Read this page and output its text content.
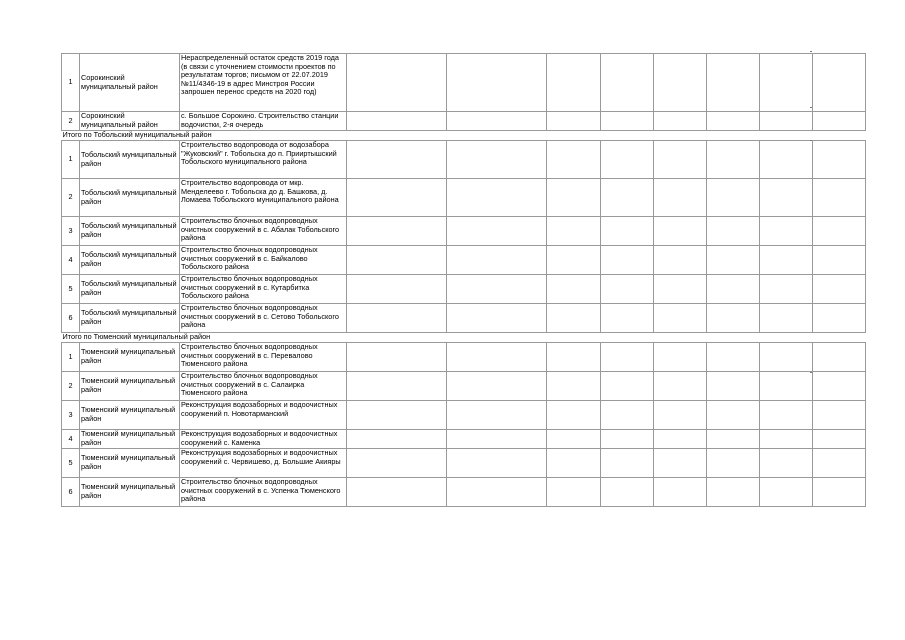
1	Сорокинский муниципальный район	Нераспределенный остаток средств 2019 года (в связи с уточнением стоимости проектов по результатам торгов; письмом от 22.07.2019 №11/4346-19 в адрес Минстроя России запрошен перенос средств на 2020 год)								
2	Сорокинский муниципальный район	с. Большое Сорокино. Строительство станции водочистки, 2-я очередь								
Итого по Тобольский муниципальный район										
1	Тобольский муниципальный район	Строительство водопровода от водозабора "Жуковский" г. Тобольска до п. Прииртышский Тобольского муниципального района								
2	Тобольский муниципальный район	Строительство водопровода от мкр. Менделеево г. Тобольска до д. Башкова, д. Ломаева Тобольского муниципального района								
3	Тобольский муниципальный район	Строительство блочных водопроводных очистных сооружений в с. Абалак Тобольского района								
4	Тобольский муниципальный район	Строительство блочных водопроводных очистных сооружений в с. Байкалово Тобольского района								
5	Тобольский муниципальный район	Строительство блочных водопроводных очистных сооружений в с. Кутарбитка Тобольского района								
6	Тобольский муниципальный район	Строительство блочных водопроводных очистных сооружений в с. Сетово Тобольского района								
Итого по Тюменский муниципальный район										
1	Тюменский муниципальный район	Строительство блочных водопроводных очистных сооружений в с. Перевалово Тюменского района								
2	Тюменский муниципальный район	Строительство блочных водопроводных очистных сооружений в с. Салаирка Тюменского района								
3	Тюменский муниципальный район	Реконструкция водозаборных и водоочистных сооружений п. Новотарманский								
4	Тюменский муниципальный район	Реконструкция водозаборных и водоочистных сооружений с. Каменка								
5	Тюменский муниципальный район	Реконструкция водозаборных и водоочистных сооружений с. Червишево, д. Большие Акияры								
6	Тюменский муниципальный район	Строительство блочных водопроводных очистных сооружений в с. Успенка Тюменского района								
